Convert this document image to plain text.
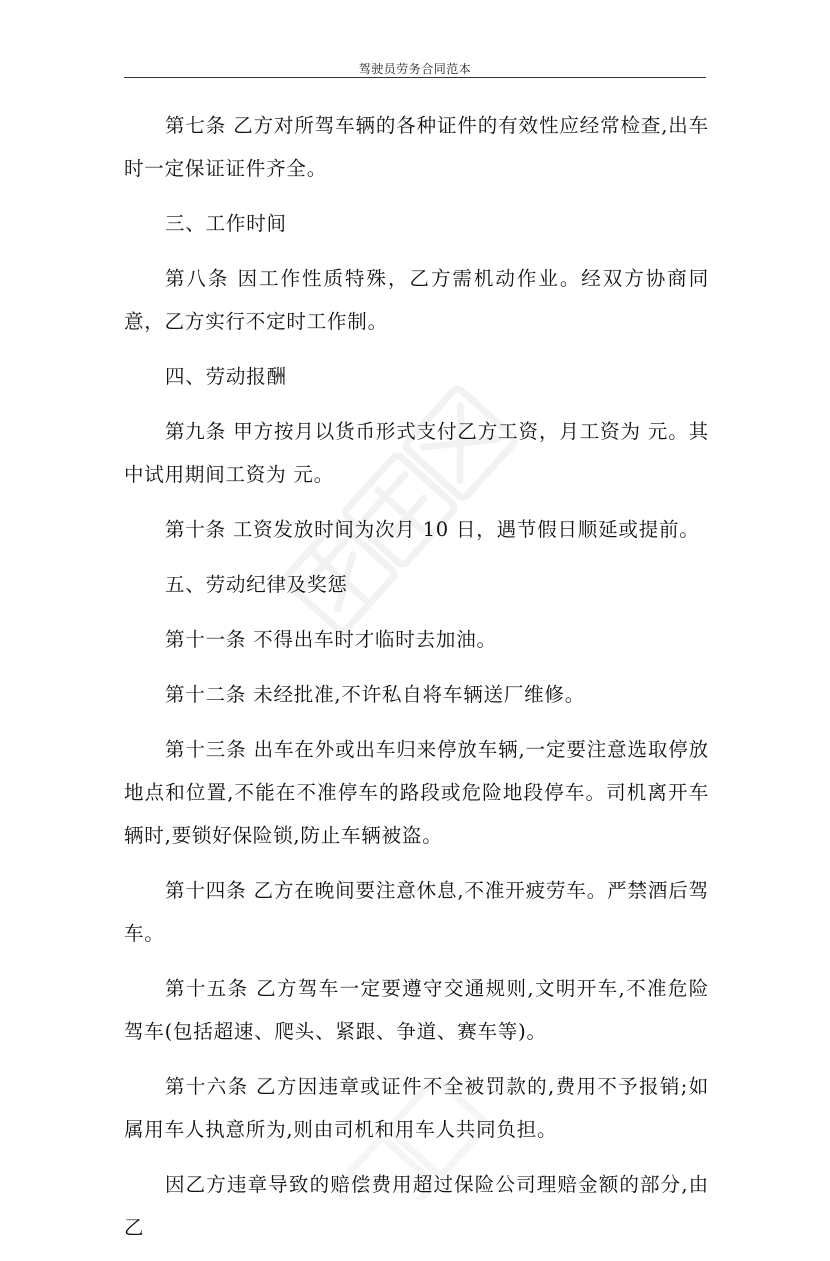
驾驶员劳务合同范本

第七条 乙方对所驾车辆的各种证件的有效性应经常检查,出车时一定保证证件齐全。

三、工作时间

第八条 因工作性质特殊，乙方需机动作业。经双方协商同意，乙方实行不定时工作制。

四、劳动报酬

第九条 甲方按月以货币形式支付乙方工资，月工资为 元。其中试用期间工资为 元。

第十条 工资发放时间为次月 10 日，遇节假日顺延或提前。

五、劳动纪律及奖惩

第十一条 不得出车时才临时去加油。

第十二条 未经批准,不许私自将车辆送厂维修。

第十三条 出车在外或出车归来停放车辆,一定要注意选取停放地点和位置,不能在不准停车的路段或危险地段停车。司机离开车辆时,要锁好保险锁,防止车辆被盗。

第十四条 乙方在晚间要注意休息,不准开疲劳车。严禁酒后驾车。

第十五条 乙方驾车一定要遵守交通规则,文明开车,不准危险驾车(包括超速、爬头、紧跟、争道、赛车等)。

第十六条 乙方因违章或证件不全被罚款的,费用不予报销;如属用车人执意所为,则由司机和用车人共同负担。

因乙方违章导致的赔偿费用超过保险公司理赔金额的部分,由乙
